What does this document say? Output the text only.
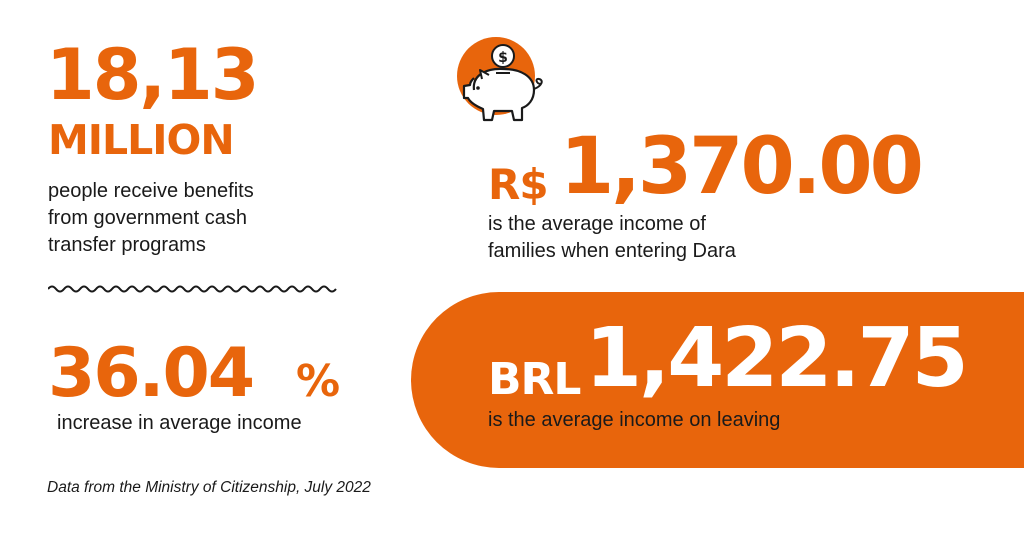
18,13
MILLION
people receive benefits
from government cash
transfer programs
36.04 %
increase in average income
Data from the Ministry of Citizenship, July 2022
$
R$ 1,370.00
is the average income of
families when entering Dara
BRL 1,422.75
is the average income on leaving
